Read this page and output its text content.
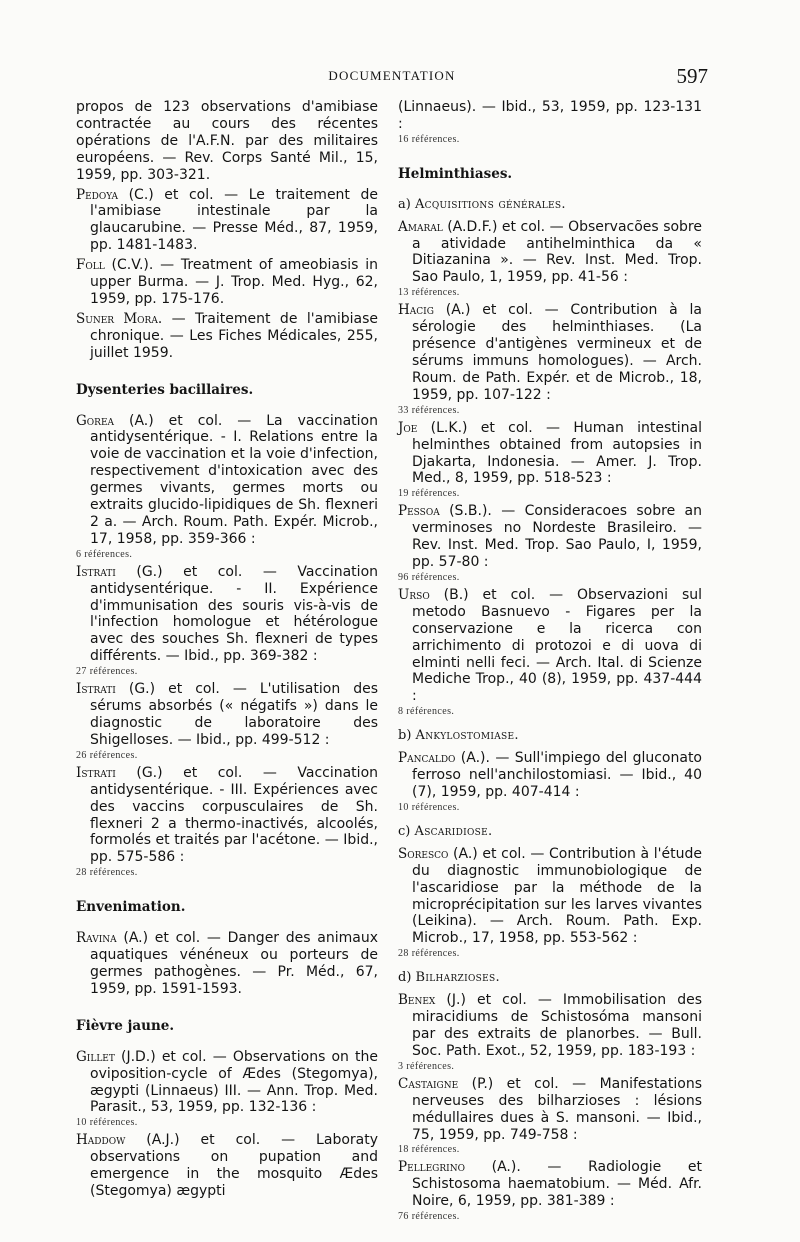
DOCUMENTATION	597

propos de 123 observations d'amibiase contractée au cours des récentes opérations de l'A.F.N. par des militaires européens. — Rev. Corps Santé Mil., 15, 1959, pp. 303-321.

Pedoya (C.) et col. — Le traitement de l'amibiase intestinale par la glaucarubine. — Presse Méd., 87, 1959, pp. 1481-1483.

Foll (C.V.). — Treatment of ameobiasis in upper Burma. — J. Trop. Med. Hyg., 62, 1959, pp. 175-176.

Suner Mora. — Traitement de l'amibiase chronique. — Les Fiches Médicales, 255, juillet 1959.

Dysenteries bacillaires.

Gorea (A.) et col. — La vaccination antidysentérique. - I. Relations entre la voie de vaccination et la voie d'infection, respectivement d'intoxication avec des germes vivants, germes morts ou extraits glucido-lipidiques de Sh. flexneri 2 a. — Arch. Roum. Path. Expér. Microb., 17, 1958, pp. 359-366 :
6 références.

Istrati (G.) et col. — Vaccination antidysentérique. - II. Expérience d'immunisation des souris vis-à-vis de l'infection homologue et hétérologue avec des souches Sh. flexneri de types différents. — Ibid., pp. 369-382 :
27 références.

Istrati (G.) et col. — L'utilisation des sérums absorbés (« négatifs ») dans le diagnostic de laboratoire des Shigelloses. — Ibid., pp. 499-512 :
26 références.

Istrati (G.) et col. — Vaccination antidysentérique. - III. Expériences avec des vaccins corpusculaires de Sh. flexneri 2 a thermo-inactivés, alcoolés, formolés et traités par l'acétone. — Ibid., pp. 575-586 :
28 références.

Envenimation.

Ravina (A.) et col. — Danger des animaux aquatiques vénéneux ou porteurs de germes pathogènes. — Pr. Méd., 67, 1959, pp. 1591-1593.

Fièvre jaune.

Gillet (J.D.) et col. — Observations on the oviposition-cycle of Ædes (Stegomya), ægypti (Linnaeus) III. — Ann. Trop. Med. Parasit., 53, 1959, pp. 132-136 :
10 références.

Haddow (A.J.) et col. — Laboraty observations on pupation and emergence in the mosquito Ædes (Stegomya) ægypti

(Linnaeus). — Ibid., 53, 1959, pp. 123-131 :
16 références.

Helminthiases.
a) Acquisitions générales.

Amaral (A.D.F.) et col. — Observacões sobre a atividade antihelminthica da « Ditiazanina ». — Rev. Inst. Med. Trop. Sao Paulo, 1, 1959, pp. 41-56 :
13 références.

Hacig (A.) et col. — Contribution à la sérologie des helminthiases. (La présence d'antigènes vermineux et de sérums immuns homologues). — Arch. Roum. de Path. Expér. et de Microb., 18, 1959, pp. 107-122 :
33 références.

Joe (L.K.) et col. — Human intestinal helminthes obtained from autopsies in Djakarta, Indonesia. — Amer. J. Trop. Med., 8, 1959, pp. 518-523 :
19 références.

Pessoa (S.B.). — Consideracoes sobre an verminoses no Nordeste Brasileiro. — Rev. Inst. Med. Trop. Sao Paulo, I, 1959, pp. 57-80 :
96 références.

Urso (B.) et col. — Observazioni sul metodo Basnuevo - Figares per la conservazione e la ricerca con arrichimento di protozoi e di uova di elminti nelli feci. — Arch. Ital. di Scienze Mediche Trop., 40 (8), 1959, pp. 437-444 :
8 références.

b) Ankylostomiase.

Pancaldo (A.). — Sull'impiego del gluconato ferroso nell'anchilostomiasi. — Ibid., 40 (7), 1959, pp. 407-414 :
10 références.

c) Ascaridiose.

Soresco (A.) et col. — Contribution à l'étude du diagnostic immunobiologique de l'ascaridiose par la méthode de la microprécipitation sur les larves vivantes (Leikina). — Arch. Roum. Path. Exp. Microb., 17, 1958, pp. 553-562 :
28 références.

d) Bilharzioses.

Benex (J.) et col. — Immobilisation des miracidiums de Schistosóma mansoni par des extraits de planorbes. — Bull. Soc. Path. Exot., 52, 1959, pp. 183-193 :
3 références.

Castaigne (P.) et col. — Manifestations nerveuses des bilharzioses : lésions médullaires dues à S. mansoni. — Ibid., 75, 1959, pp. 749-758 :
18 références.

Pellegrino (A.). — Radiologie et Schistosoma haematobium. — Méd. Afr. Noire, 6, 1959, pp. 381-389 :
76 références.
